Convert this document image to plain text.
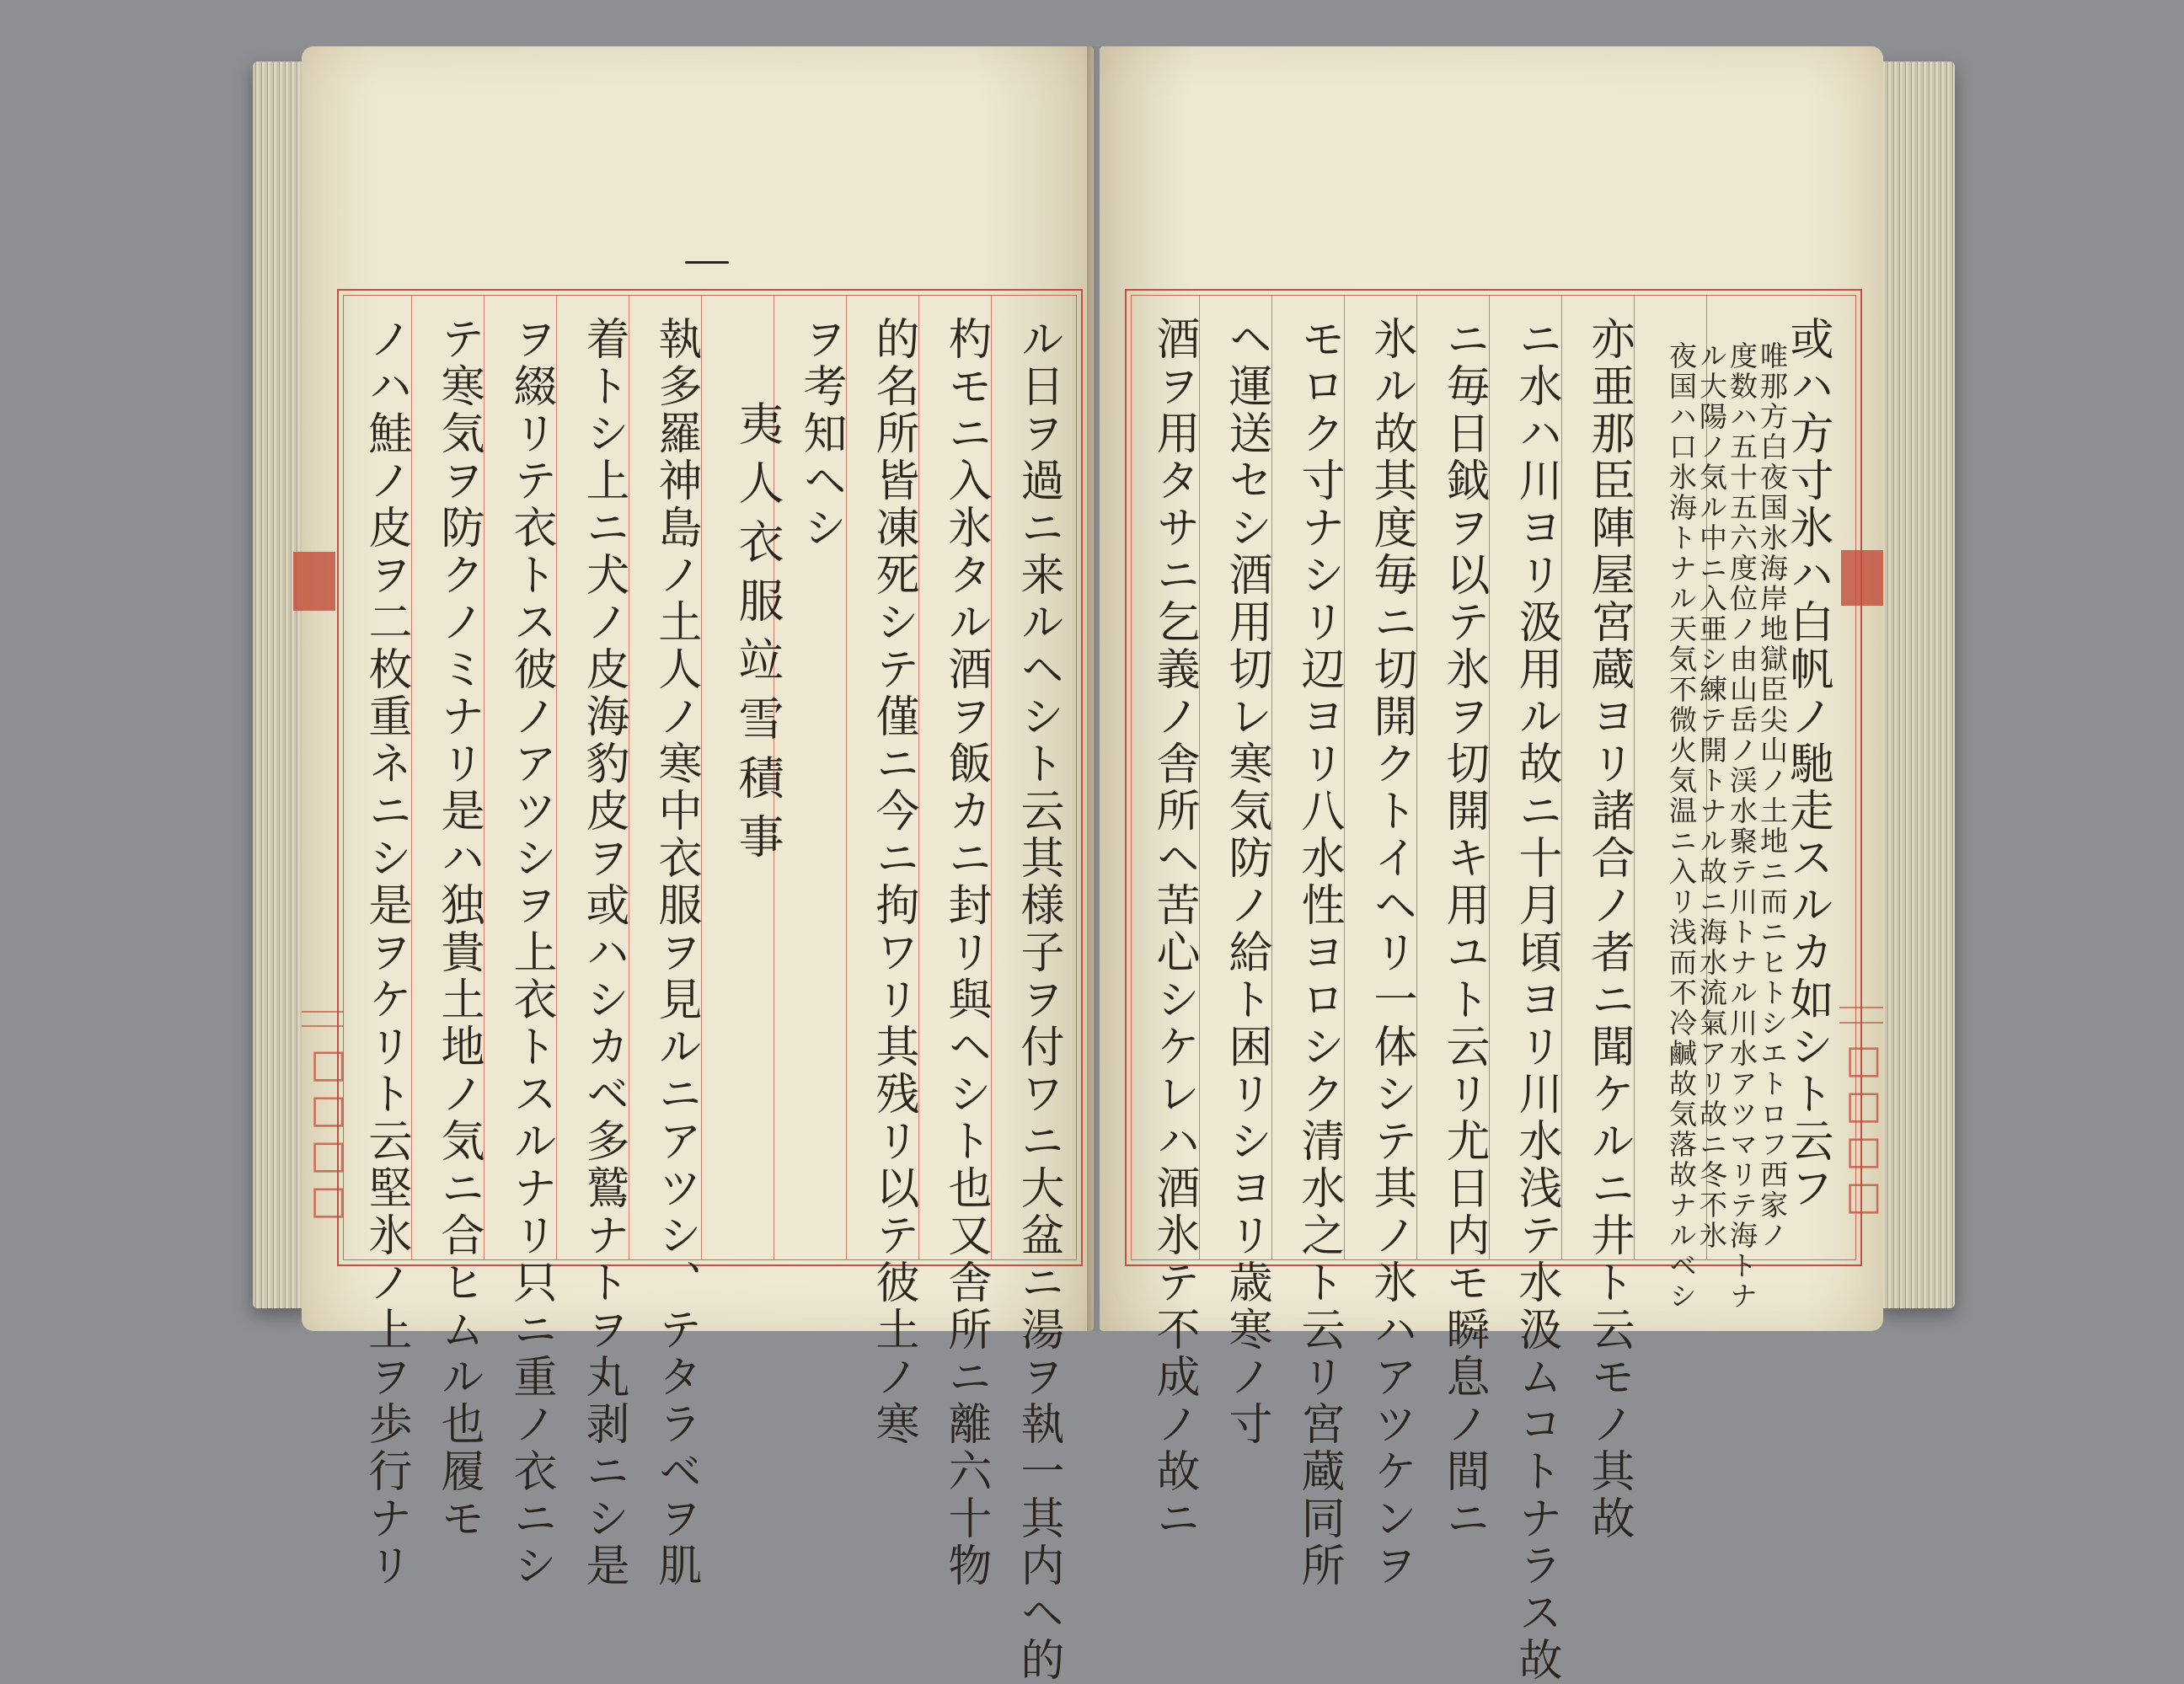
ル日ヲ過ニ来ルヘシト云其様子ヲ付ワニ大盆ニ湯ヲ執一其内ヘ的
杓モニ入氷タル酒ヲ飯カニ封リ與ヘシト也又舎所ニ離六十物
的名所皆凍死シテ僅ニ今ニ拘ワリ其残リ以テ彼土ノ寒
ヲ考知ヘシ
夷人衣服竝雪積事
執多羅神島ノ土人ノ寒中衣服ヲ見ルニアツシ、テタラベヲ肌
着トシ上ニ犬ノ皮海豹皮ヲ或ハシカベ多鷲ナトヲ丸剥ニシ是
ヲ綴リテ衣トス彼ノアツシヲ上衣トスルナリ只ニ重ノ衣ニシ
テ寒気ヲ防クノミナリ是ハ独貴土地ノ気ニ合ヒムル也履モ
ノハ鮭ノ皮ヲ二枚重ネニシ是ヲケリト云堅氷ノ上ヲ歩行ナリ
□□□□	或ハ方寸氷ハ白帆ノ馳走スルカ如シト云フ
唯那方白夜国氷海岸地獄臣尖山ノ土地ニ而ニヒトシエトロフ西家ノ
度数ハ五十五六度位ノ由山岳ノ渓水聚テ川トナル川水アツマリテ海トナ
ル大陽ノ気ル中ニ入亜シ練テ開トナル故ニ海水流氣アリ故ニ冬不氷
夜国ハ口氷海トナル天気不微火気温ニ入リ浅而不冷鹹故気落故ナルベシ
亦亜那臣陣屋宮蔵ヨリ諸合ノ者ニ聞ケルニ井ト云モノ其故
ニ水ハ川ヨリ汲用ル故ニ十月頃ヨリ川水浅テ水汲ムコトナラス故
ニ毎日鉞ヲ以テ氷ヲ切開キ用ユト云リ尤日内モ瞬息ノ間ニ
氷ル故其度毎ニ切開クトイヘリ一体シテ其ノ氷ハアツケンヲ
モロク寸ナシリ辺ヨリ八水性ヨロシク清水之ト云リ宮蔵同所
ヘ運送セシ酒用切レ寒気防ノ給ト困リシヨリ歳寒ノ寸
酒ヲ用タサニ乞義ノ舎所ヘ苦心シケレハ酒氷テ不成ノ故ニ	□□□□
